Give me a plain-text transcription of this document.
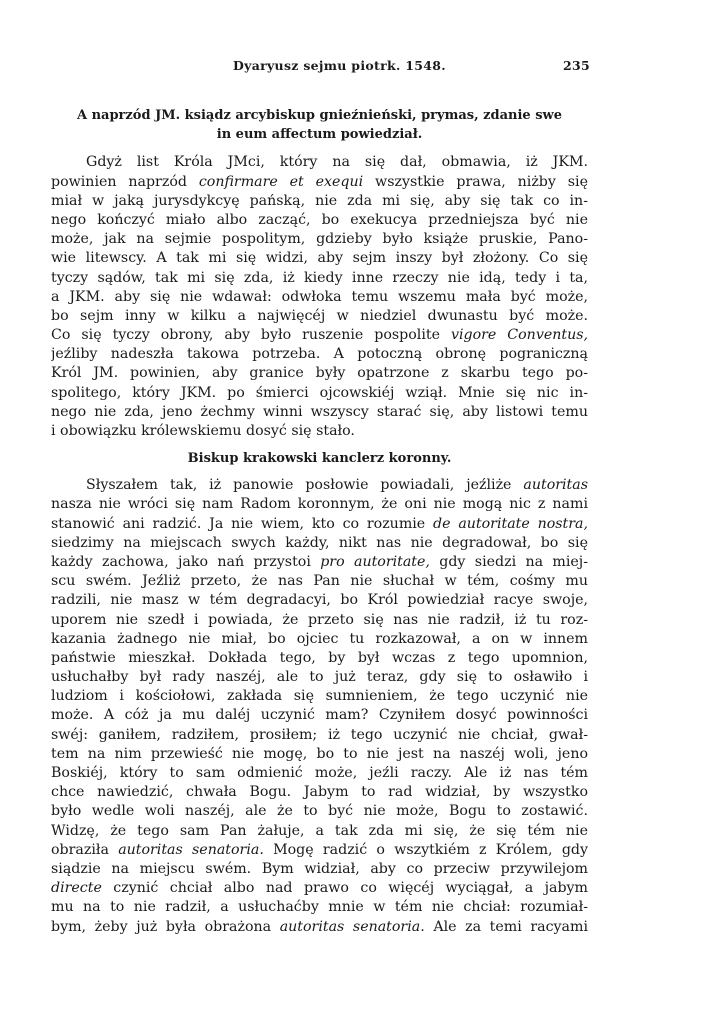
Dyaryusz sejmu piotrk. 1548.	235
A naprzód JM. ksiądz arcybiskup gnieźnieński, prymas, zdanie swe
in eum affectum powiedział.
Gdyż list Króla JMci, który na się dał, obmawia, iż JKM.
powinien naprzód confirmare et exequi wszystkie prawa, niżby się
miał w jaką jurysdykcyę pańską, nie zda mi się, aby się tak co in-
nego kończyć miało albo zacząć, bo exekucya przedniejsza być nie
może, jak na sejmie pospolitym, gdzieby było książe pruskie, Pano-
wie litewscy. A tak mi się widzi, aby sejm inszy był złożony. Co się
tyczy sądów, tak mi się zda, iż kiedy inne rzeczy nie idą, tedy i ta,
a JKM. aby się nie wdawał: odwłoka temu wszemu mała być może,
bo sejm inny w kilku a najwięcéj w niedziel dwunastu być może.
Co się tyczy obrony, aby było ruszenie pospolite vigore Conventus,
jeźliby nadeszła takowa potrzeba. A potoczną obronę pograniczną
Król JM. powinien, aby granice były opatrzone z skarbu tego po-
spolitego, który JKM. po śmierci ojcowskiéj wziął. Mnie się nic in-
nego nie zda, jeno żechmy winni wszyscy starać się, aby listowi temu
i obowiązku królewskiemu dosyć się stało.
Biskup krakowski kanclerz koronny.
Słyszałem tak, iż panowie posłowie powiadali, jeźliże autoritas
nasza nie wróci się nam Radom koronnym, że oni nie mogą nic z nami
stanowić ani radzić. Ja nie wiem, kto co rozumie de autoritate nostra,
siedzimy na miejscach swych każdy, nikt nas nie degradował, bo się
każdy zachowa, jako nań przystoi pro autoritate, gdy siedzi na miej-
scu swém. Jeźliż przeto, że nas Pan nie słuchał w tém, cośmy mu
radzili, nie masz w tém degradacyi, bo Król powiedział racye swoje,
uporem nie szedł i powiada, że przeto się nas nie radził, iż tu roz-
kazania żadnego nie miał, bo ojciec tu rozkazował, a on w innem
państwie mieszkał. Dokłada tego, by był wczas z tego upomnion,
usłuchałby był rady naszéj, ale to już teraz, gdy się to osławiło i
ludziom i kościołowi, zakłada się sumnieniem, że tego uczynić nie
może. A cóż ja mu daléj uczynić mam? Czyniłem dosyć powinności
swéj: ganiłem, radziłem, prosiłem; iż tego uczynić nie chciał, gwał-
tem na nim przewieść nie mogę, bo to nie jest na naszéj woli, jeno
Boskiéj, który to sam odmienić może, jeźli raczy. Ale iż nas tém
chce nawiedzić, chwała Bogu. Jabym to rad widział, by wszystko
było wedle woli naszéj, ale że to być nie może, Bogu to zostawić.
Widzę, że tego sam Pan żałuje, a tak zda mi się, że się tém nie
obraziła autoritas senatoria. Mogę radzić o wszytkiém z Królem, gdy
siądzie na miejscu swém. Bym widział, aby co przeciw przywilejom
directe czynić chciał albo nad prawo co więcéj wyciągał, a jabym
mu na to nie radził, a usłuchaćby mnie w tém nie chciał: rozumiał-
bym, żeby już była obrażona autoritas senatoria. Ale za temi racyami
